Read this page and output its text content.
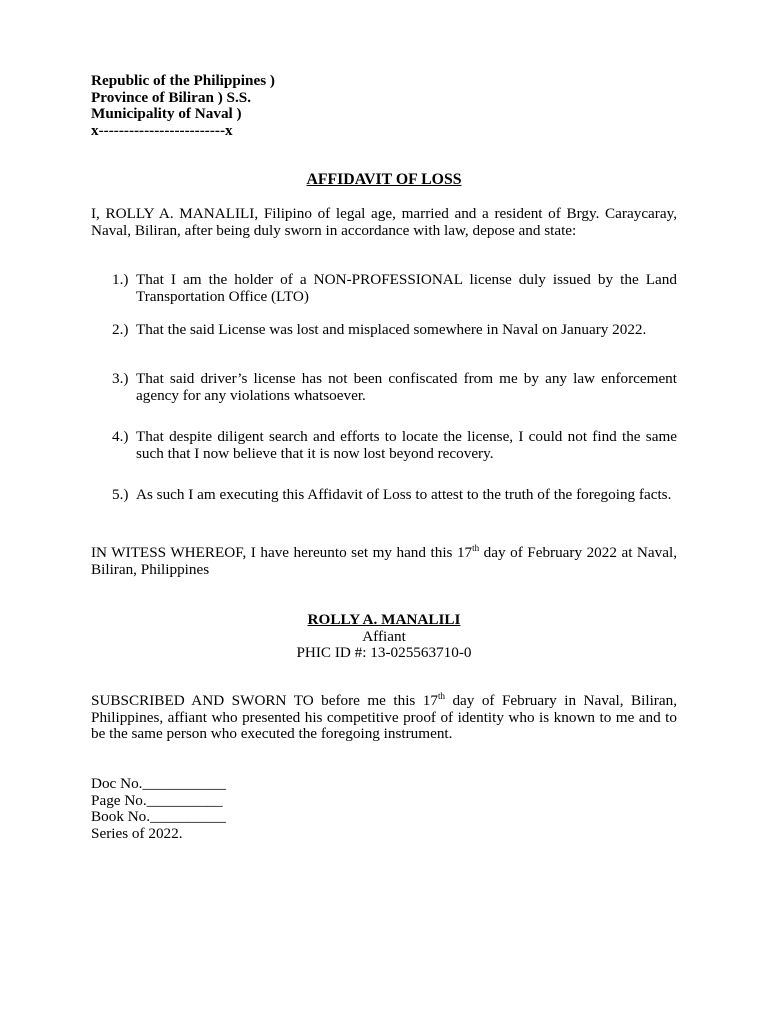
Republic of the Philippines )
Province of Biliran ) S.S.
Municipality of Naval )
x-------------------------x
AFFIDAVIT OF LOSS
I, ROLLY A. MANALILI, Filipino of legal age, married and a resident of Brgy. Caraycaray, Naval, Biliran, after being duly sworn in accordance with law, depose and state:
1.) That I am the holder of a NON-PROFESSIONAL license duly issued by the Land Transportation Office (LTO)
2.) That the said License was lost and misplaced somewhere in Naval on January 2022.
3.) That said driver’s license has not been confiscated from me by any law enforcement agency for any violations whatsoever.
4.) That despite diligent search and efforts to locate the license, I could not find the same such that I now believe that it is now lost beyond recovery.
5.) As such I am executing this Affidavit of Loss to attest to the truth of the foregoing facts.
IN WITESS WHEREOF, I have hereunto set my hand this 17th day of February 2022 at Naval, Biliran, Philippines
ROLLY A. MANALILI
Affiant
PHIC ID #: 13-025563710-0
SUBSCRIBED AND SWORN TO before me this 17th day of February in Naval, Biliran, Philippines, affiant who presented his competitive proof of identity who is known to me and to be the same person who executed the foregoing instrument.
Doc No.___________
Page No.__________
Book No.__________
Series of 2022.
